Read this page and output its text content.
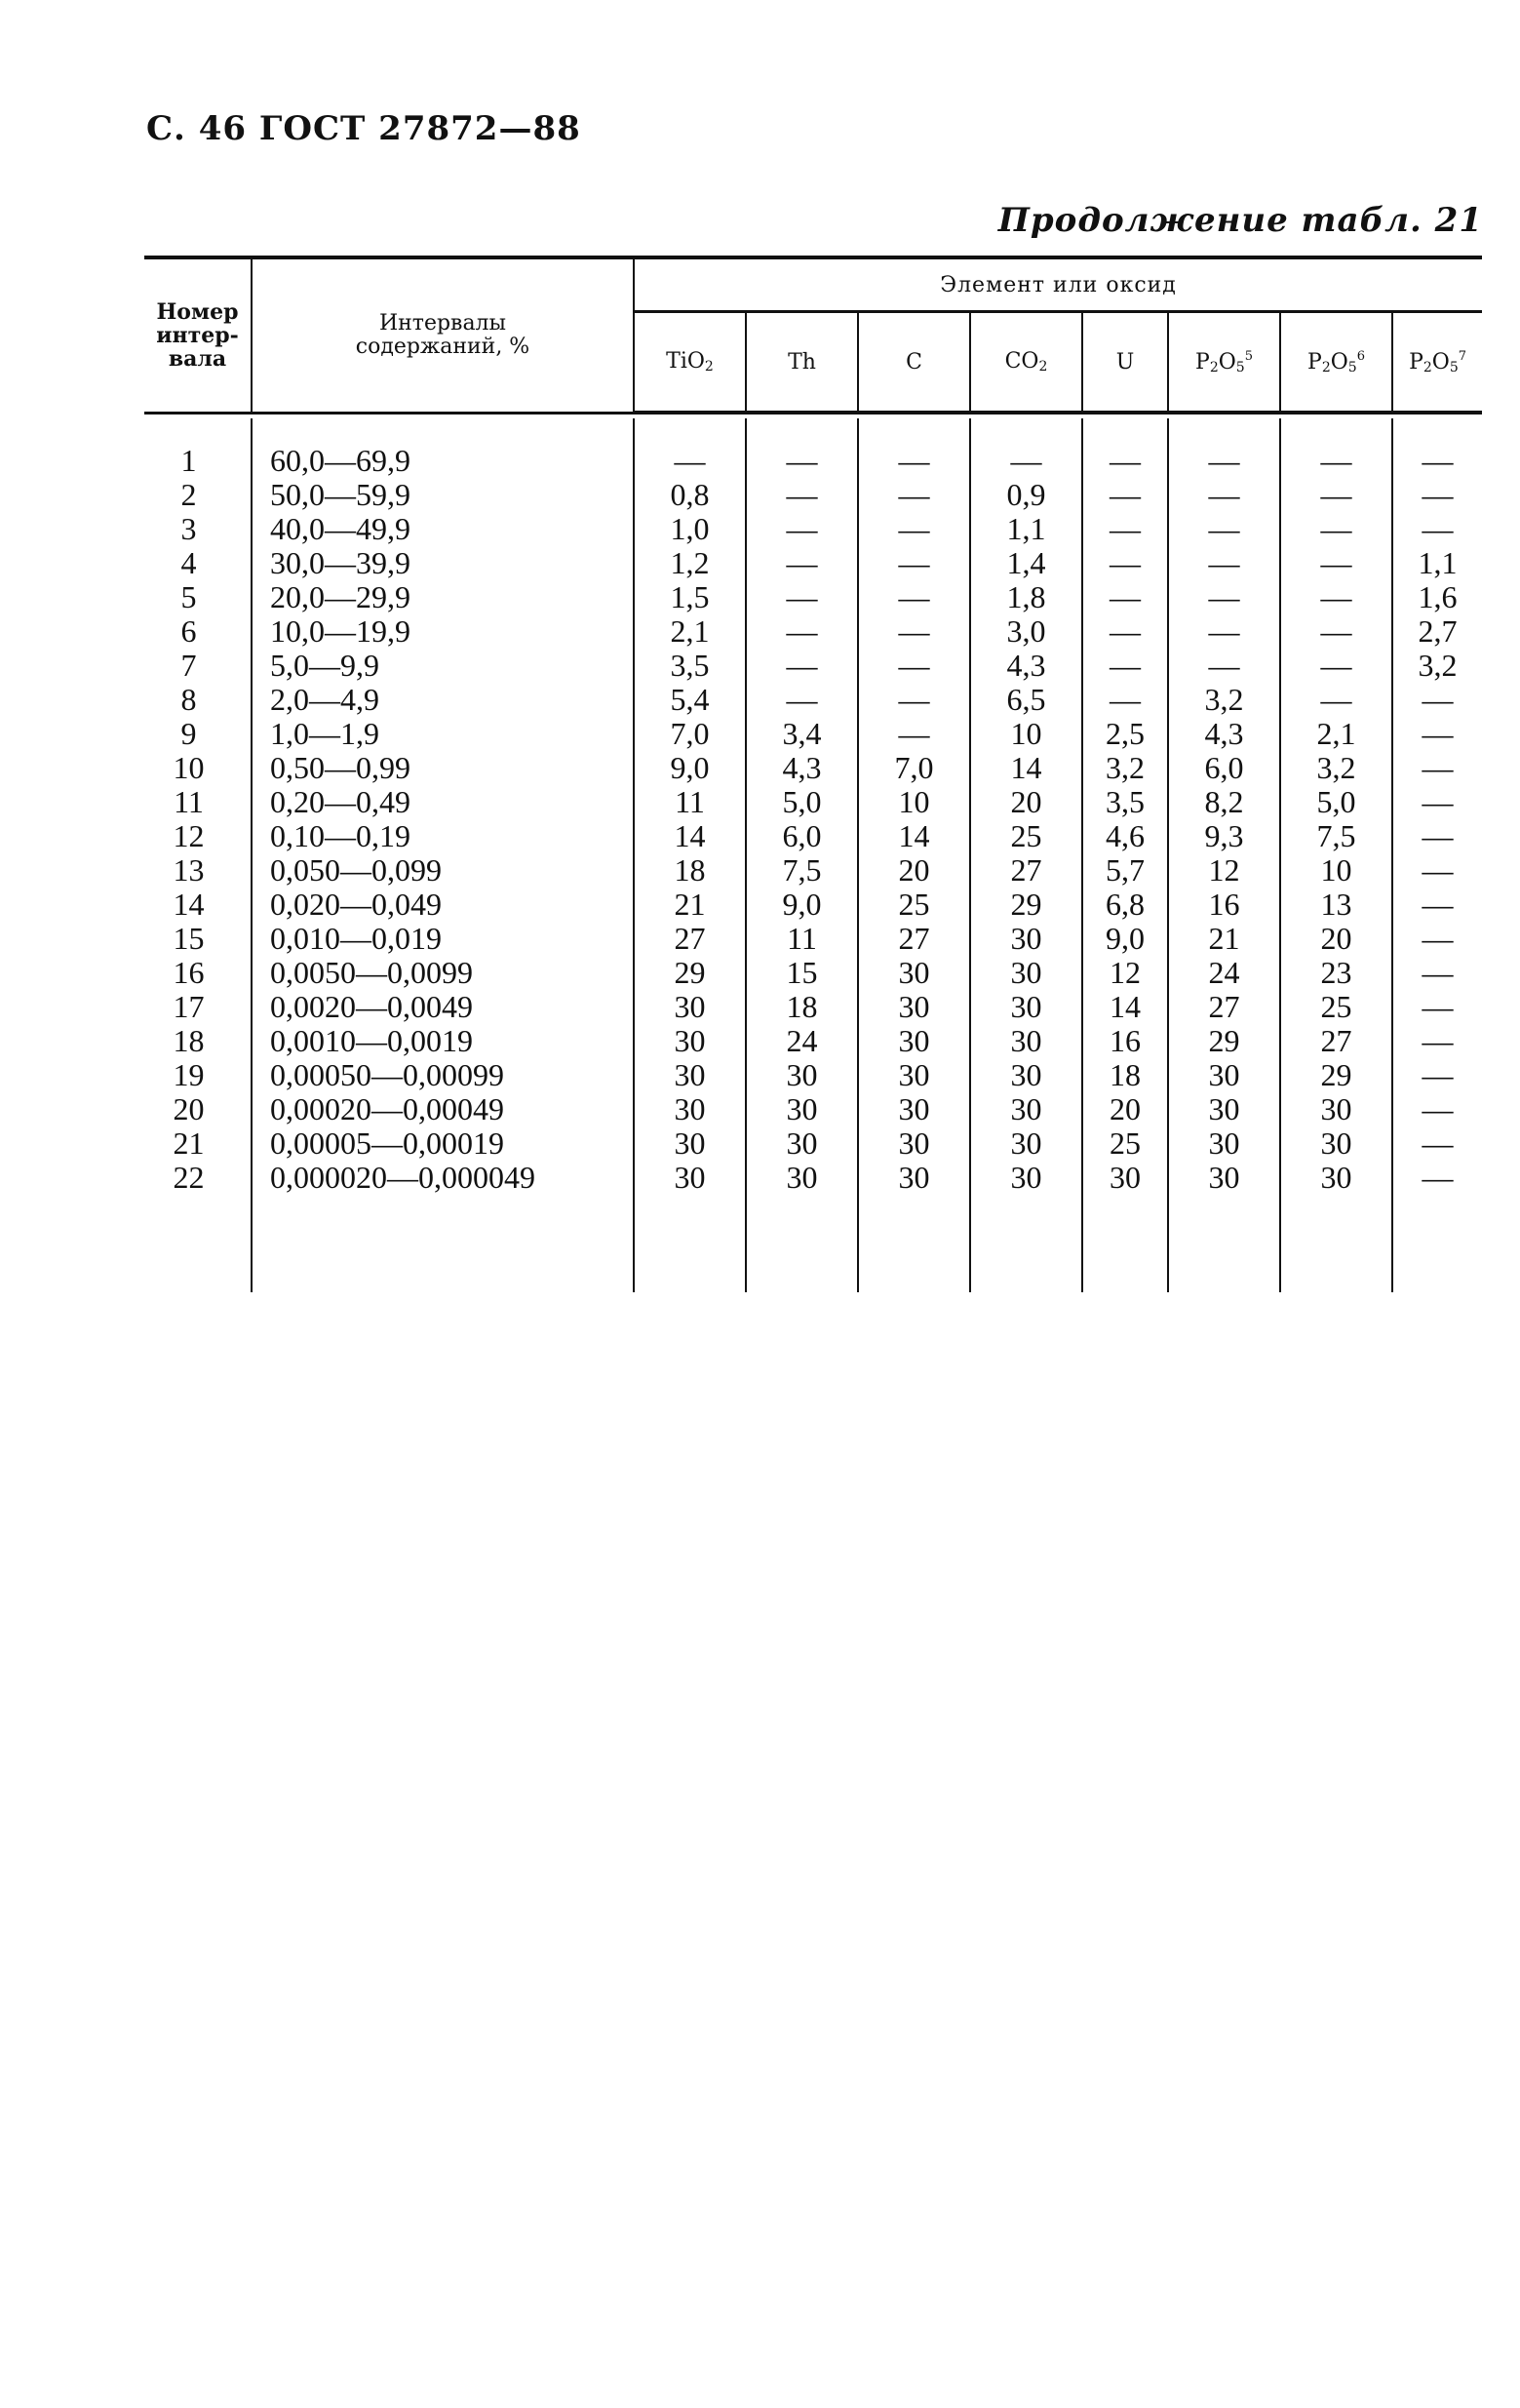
С. 46 ГОСТ 27872—88
Продолжение табл. 21
Номер
интер-
вала

Интервалы
содержаний, %
	Элемент или оксид
		TiO$_2$	Th	C	$CO_2$	U	$P_2O_5^5$	$P_2O_5^6$	$P_2O_5^7$

1	60,0—69,9	—	—	—	—	—	—	—	—
2	50,0—59,9	0,8	—	—	0,9	—	—	—	—
3	40,0—49,9	1,0	—	—	1,1	—	—	—	—
4	30,0—39,9	1,2	—	—	1,4	—	—	—	1,1
5	20,0—29,9	1,5	—	—	1,8	—	—	—	1,6
6	10,0—19,9	2,1	—	—	3,0	—	—	—	2,7
7	5,0—9,9	3,5	—	—	4,3	—	—	—	3,2
8	2,0—4,9	5,4	—	—	6,5	—	3,2	—	—
9	1,0—1,9	7,0	3,4	—	10	2,5	4,3	2,1	—
10	0,50—0,99	9,0	4,3	7,0	14	3,2	6,0	3,2	—
11	0,20—0,49	11	5,0	10	20	3,5	8,2	5,0	—
12	0,10—0,19	14	6,0	14	25	4,6	9,3	7,5	—
13	0,050—0,099	18	7,5	20	27	5,7	12	10	—
14	0,020—0,049	21	9,0	25	29	6,8	16	13	—
15	0,010—0,019	27	11	27	30	9,0	21	20	—
16	0,0050—0,0099	29	15	30	30	12	24	23	—
17	0,0020—0,0049	30	18	30	30	14	27	25	—
18	0,0010—0,0019	30	24	30	30	16	29	27	—
19	0,00050—0,00099	30	30	30	30	18	30	29	—
20	0,00020—0,00049	30	30	30	30	20	30	30	—
21	0,00005—0,00019	30	30	30	30	25	30	30	—
22	0,000020—0,000049	30	30	30	30	30	30	30	—
